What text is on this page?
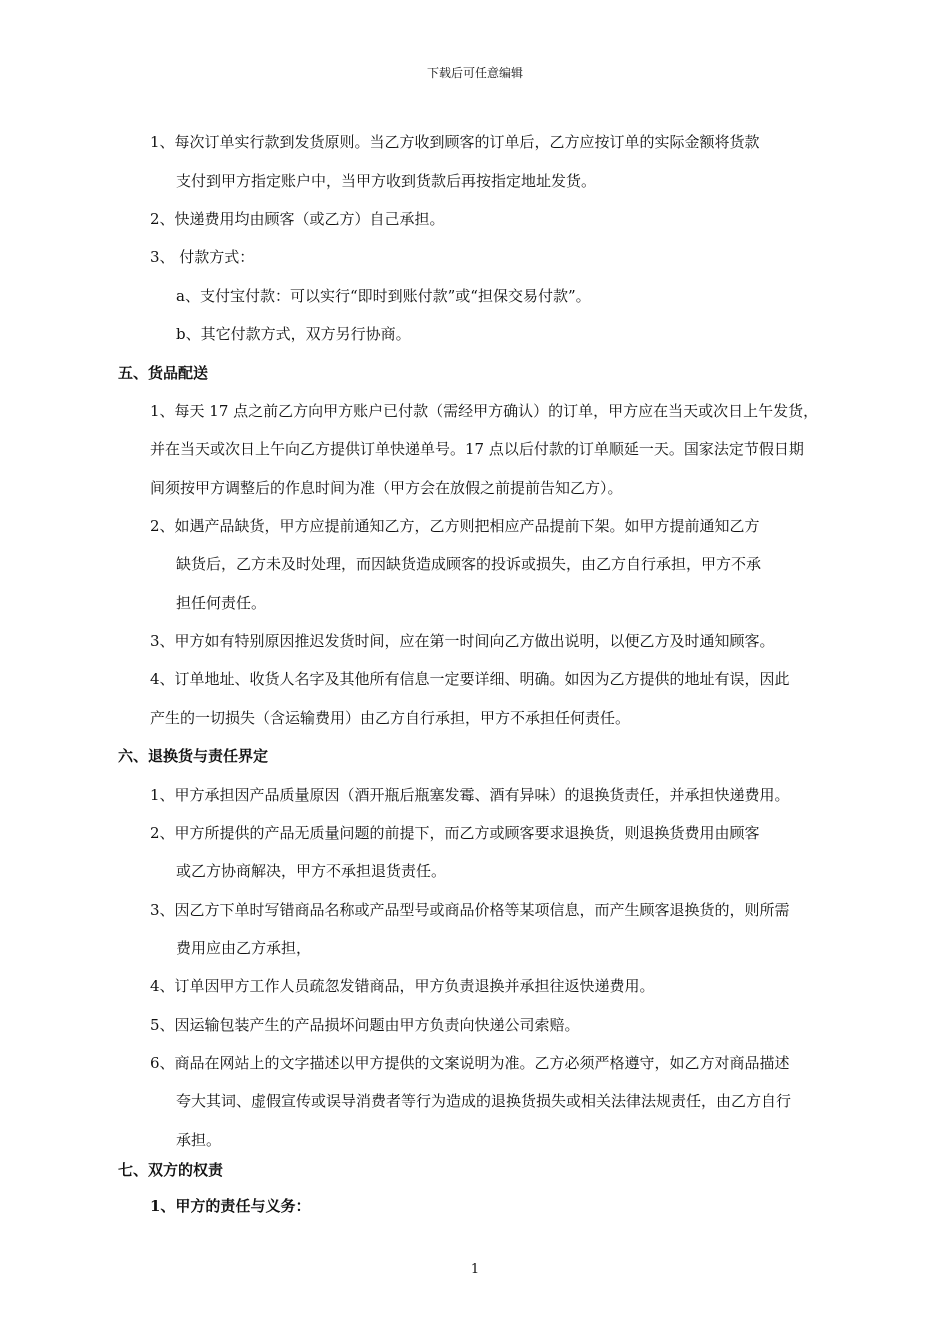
下载后可任意编辑
1、每次订单实行款到发货原则。当乙方收到顾客的订单后，乙方应按订单的实际金额将货款
支付到甲方指定账户中，当甲方收到货款后再按指定地址发货。
2、快递费用均由顾客（或乙方）自己承担。
3、 付款方式：
a、支付宝付款：可以实行“即时到账付款”或“担保交易付款”。
b、其它付款方式，双方另行协商。
五、货品配送
1、每天 17 点之前乙方向甲方账户已付款（需经甲方确认）的订单，甲方应在当天或次日上午发货，
并在当天或次日上午向乙方提供订单快递单号。17 点以后付款的订单顺延一天。国家法定节假日期
间须按甲方调整后的作息时间为准（甲方会在放假之前提前告知乙方）。
2、如遇产品缺货，甲方应提前通知乙方，乙方则把相应产品提前下架。如甲方提前通知乙方
缺货后，乙方未及时处理，而因缺货造成顾客的投诉或损失，由乙方自行承担，甲方不承
担任何责任。
3、甲方如有特别原因推迟发货时间，应在第一时间向乙方做出说明，以便乙方及时通知顾客。
4、订单地址、收货人名字及其他所有信息一定要详细、明确。如因为乙方提供的地址有误，因此
产生的一切损失（含运输费用）由乙方自行承担，甲方不承担任何责任。
六、退换货与责任界定
1、甲方承担因产品质量原因（酒开瓶后瓶塞发霉、酒有异味）的退换货责任，并承担快递费用。
2、甲方所提供的产品无质量问题的前提下，而乙方或顾客要求退换货，则退换货费用由顾客
或乙方协商解决，甲方不承担退货责任。
3、因乙方下单时写错商品名称或产品型号或商品价格等某项信息，而产生顾客退换货的，则所需
费用应由乙方承担，
4、订单因甲方工作人员疏忽发错商品，甲方负责退换并承担往返快递费用。
5、因运输包装产生的产品损坏问题由甲方负责向快递公司索赔。
6、商品在网站上的文字描述以甲方提供的文案说明为准。乙方必须严格遵守，如乙方对商品描述
夸大其词、虚假宣传或误导消费者等行为造成的退换货损失或相关法律法规责任，由乙方自行
承担。
七、双方的权责
1、甲方的责任与义务：
1
